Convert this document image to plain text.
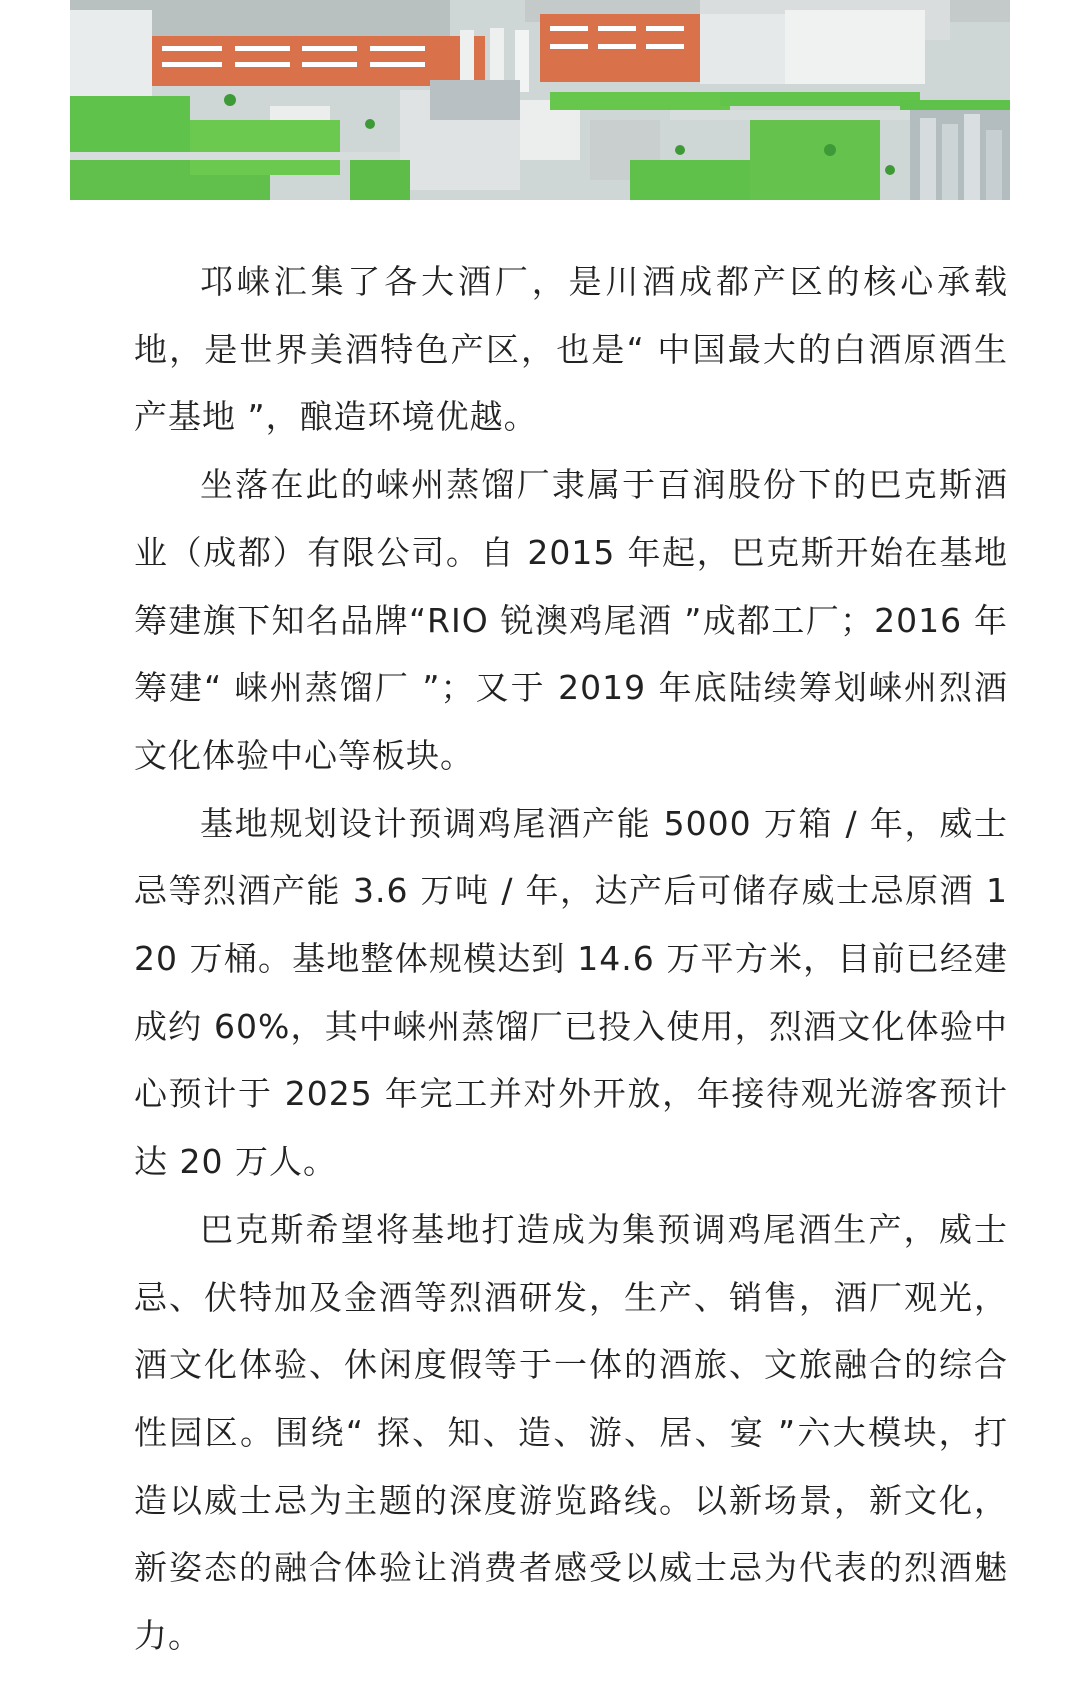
邛崃汇集了各大酒厂，是川酒成都产区的核心承载地，是世界美酒特色产区，也是“ 中国最大的白酒原酒生产基地 ”，酿造环境优越。

坐落在此的崃州蒸馏厂隶属于百润股份下的巴克斯酒业（成都）有限公司。自 2015 年起，巴克斯开始在基地筹建旗下知名品牌“RIO 锐澳鸡尾酒 ”成都工厂；2016 年筹建“ 崃州蒸馏厂 ”；又于 2019 年底陆续筹划崃州烈酒文化体验中心等板块。

基地规划设计预调鸡尾酒产能 5000 万箱 / 年，威士忌等烈酒产能 3.6 万吨 / 年，达产后可储存威士忌原酒 120 万桶。基地整体规模达到 14.6 万平方米，目前已经建成约 60%，其中崃州蒸馏厂已投入使用，烈酒文化体验中心预计于 2025 年完工并对外开放，年接待观光游客预计达 20 万人。

巴克斯希望将基地打造成为集预调鸡尾酒生产，威士忌、伏特加及金酒等烈酒研发，生产、销售，酒厂观光，酒文化体验、休闲度假等于一体的酒旅、文旅融合的综合性园区。围绕“ 探、知、造、游、居、宴 ”六大模块，打造以威士忌为主题的深度游览路线。以新场景，新文化，新姿态的融合体验让消费者感受以威士忌为代表的烈酒魅力。
